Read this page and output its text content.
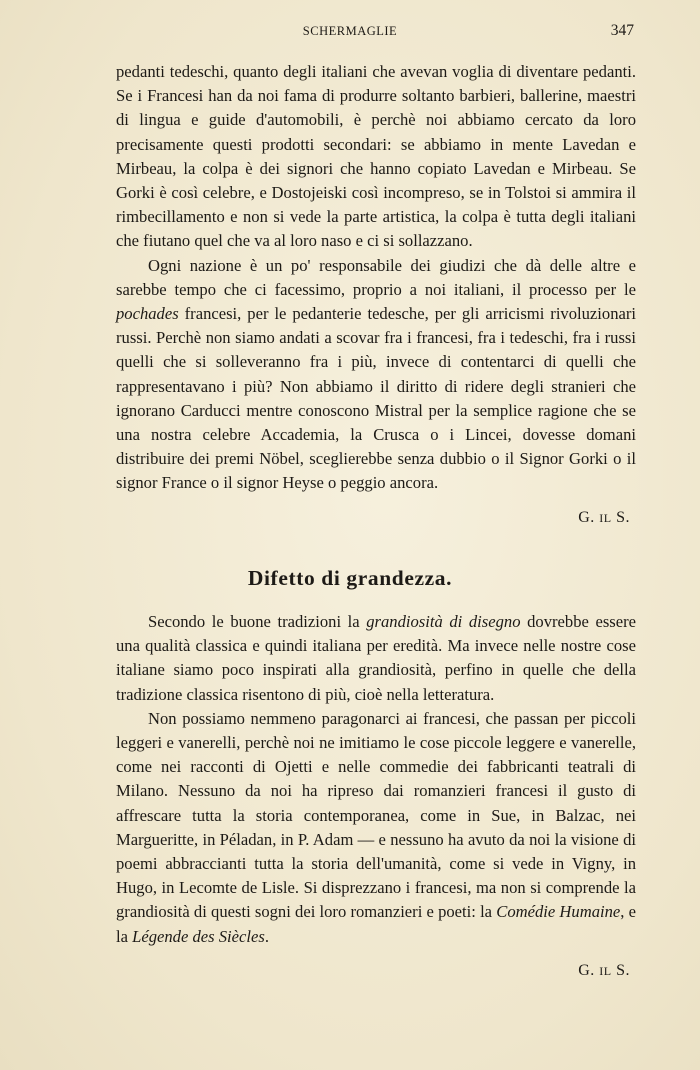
SCHERMAGLIE	347

pedanti tedeschi, quanto degli italiani che avevan voglia di diventare pedanti. Se i Francesi han da noi fama di produrre soltanto barbieri, ballerine, maestri di lingua e guide d'automobili, è perchè noi abbiamo cercato da loro precisamente questi prodotti secondari: se abbiamo in mente Lavedan e Mirbeau, la colpa è dei signori che hanno copiato Lavedan e Mirbeau. Se Gorki è così celebre, e Dostojeiski così incompreso, se in Tolstoi si ammira il rimbecillamento e non si vede la parte artistica, la colpa è tutta degli italiani che fiutano quel che va al loro naso e ci si sollazzano.

Ogni nazione è un po' responsabile dei giudizi che dà delle altre e sarebbe tempo che ci facessimo, proprio a noi italiani, il processo per le pochades francesi, per le pedanterie tedesche, per gli arricismi rivoluzionari russi. Perchè non siamo andati a scovar fra i francesi, fra i tedeschi, fra i russi quelli che si solleveranno fra i più, invece di contentarci di quelli che rappresentavano i più? Non abbiamo il diritto di ridere degli stranieri che ignorano Carducci mentre conoscono Mistral per la semplice ragione che se una nostra celebre Accademia, la Crusca o i Lincei, dovesse domani distribuire dei premi Nöbel, sceglierebbe senza dubbio o il Signor Gorki o il signor France o il signor Heyse o peggio ancora.

G. IL S.

Difetto di grandezza.

Secondo le buone tradizioni la grandiosità di disegno dovrebbe essere una qualità classica e quindi italiana per eredità. Ma invece nelle nostre cose italiane siamo poco inspirati alla grandiosità, perfino in quelle che della tradizione classica risentono di più, cioè nella letteratura.

Non possiamo nemmeno paragonarci ai francesi, che passan per piccoli leggeri e vanerelli, perchè noi ne imitiamo le cose piccole leggere e vanerelle, come nei racconti di Ojetti e nelle commedie dei fabbricanti teatrali di Milano. Nessuno da noi ha ripreso dai romanzieri francesi il gusto di affrescare tutta la storia contemporanea, come in Sue, in Balzac, nei Margueritte, in Péladan, in P. Adam — e nessuno ha avuto da noi la visione di poemi abbraccianti tutta la storia dell'umanità, come si vede in Vigny, in Hugo, in Lecomte de Lisle. Si disprezzano i francesi, ma non si comprende la grandiosità di questi sogni dei loro romanzieri e poeti: la Comédie Humaine, e la Légende des Siècles.

G. IL S.
